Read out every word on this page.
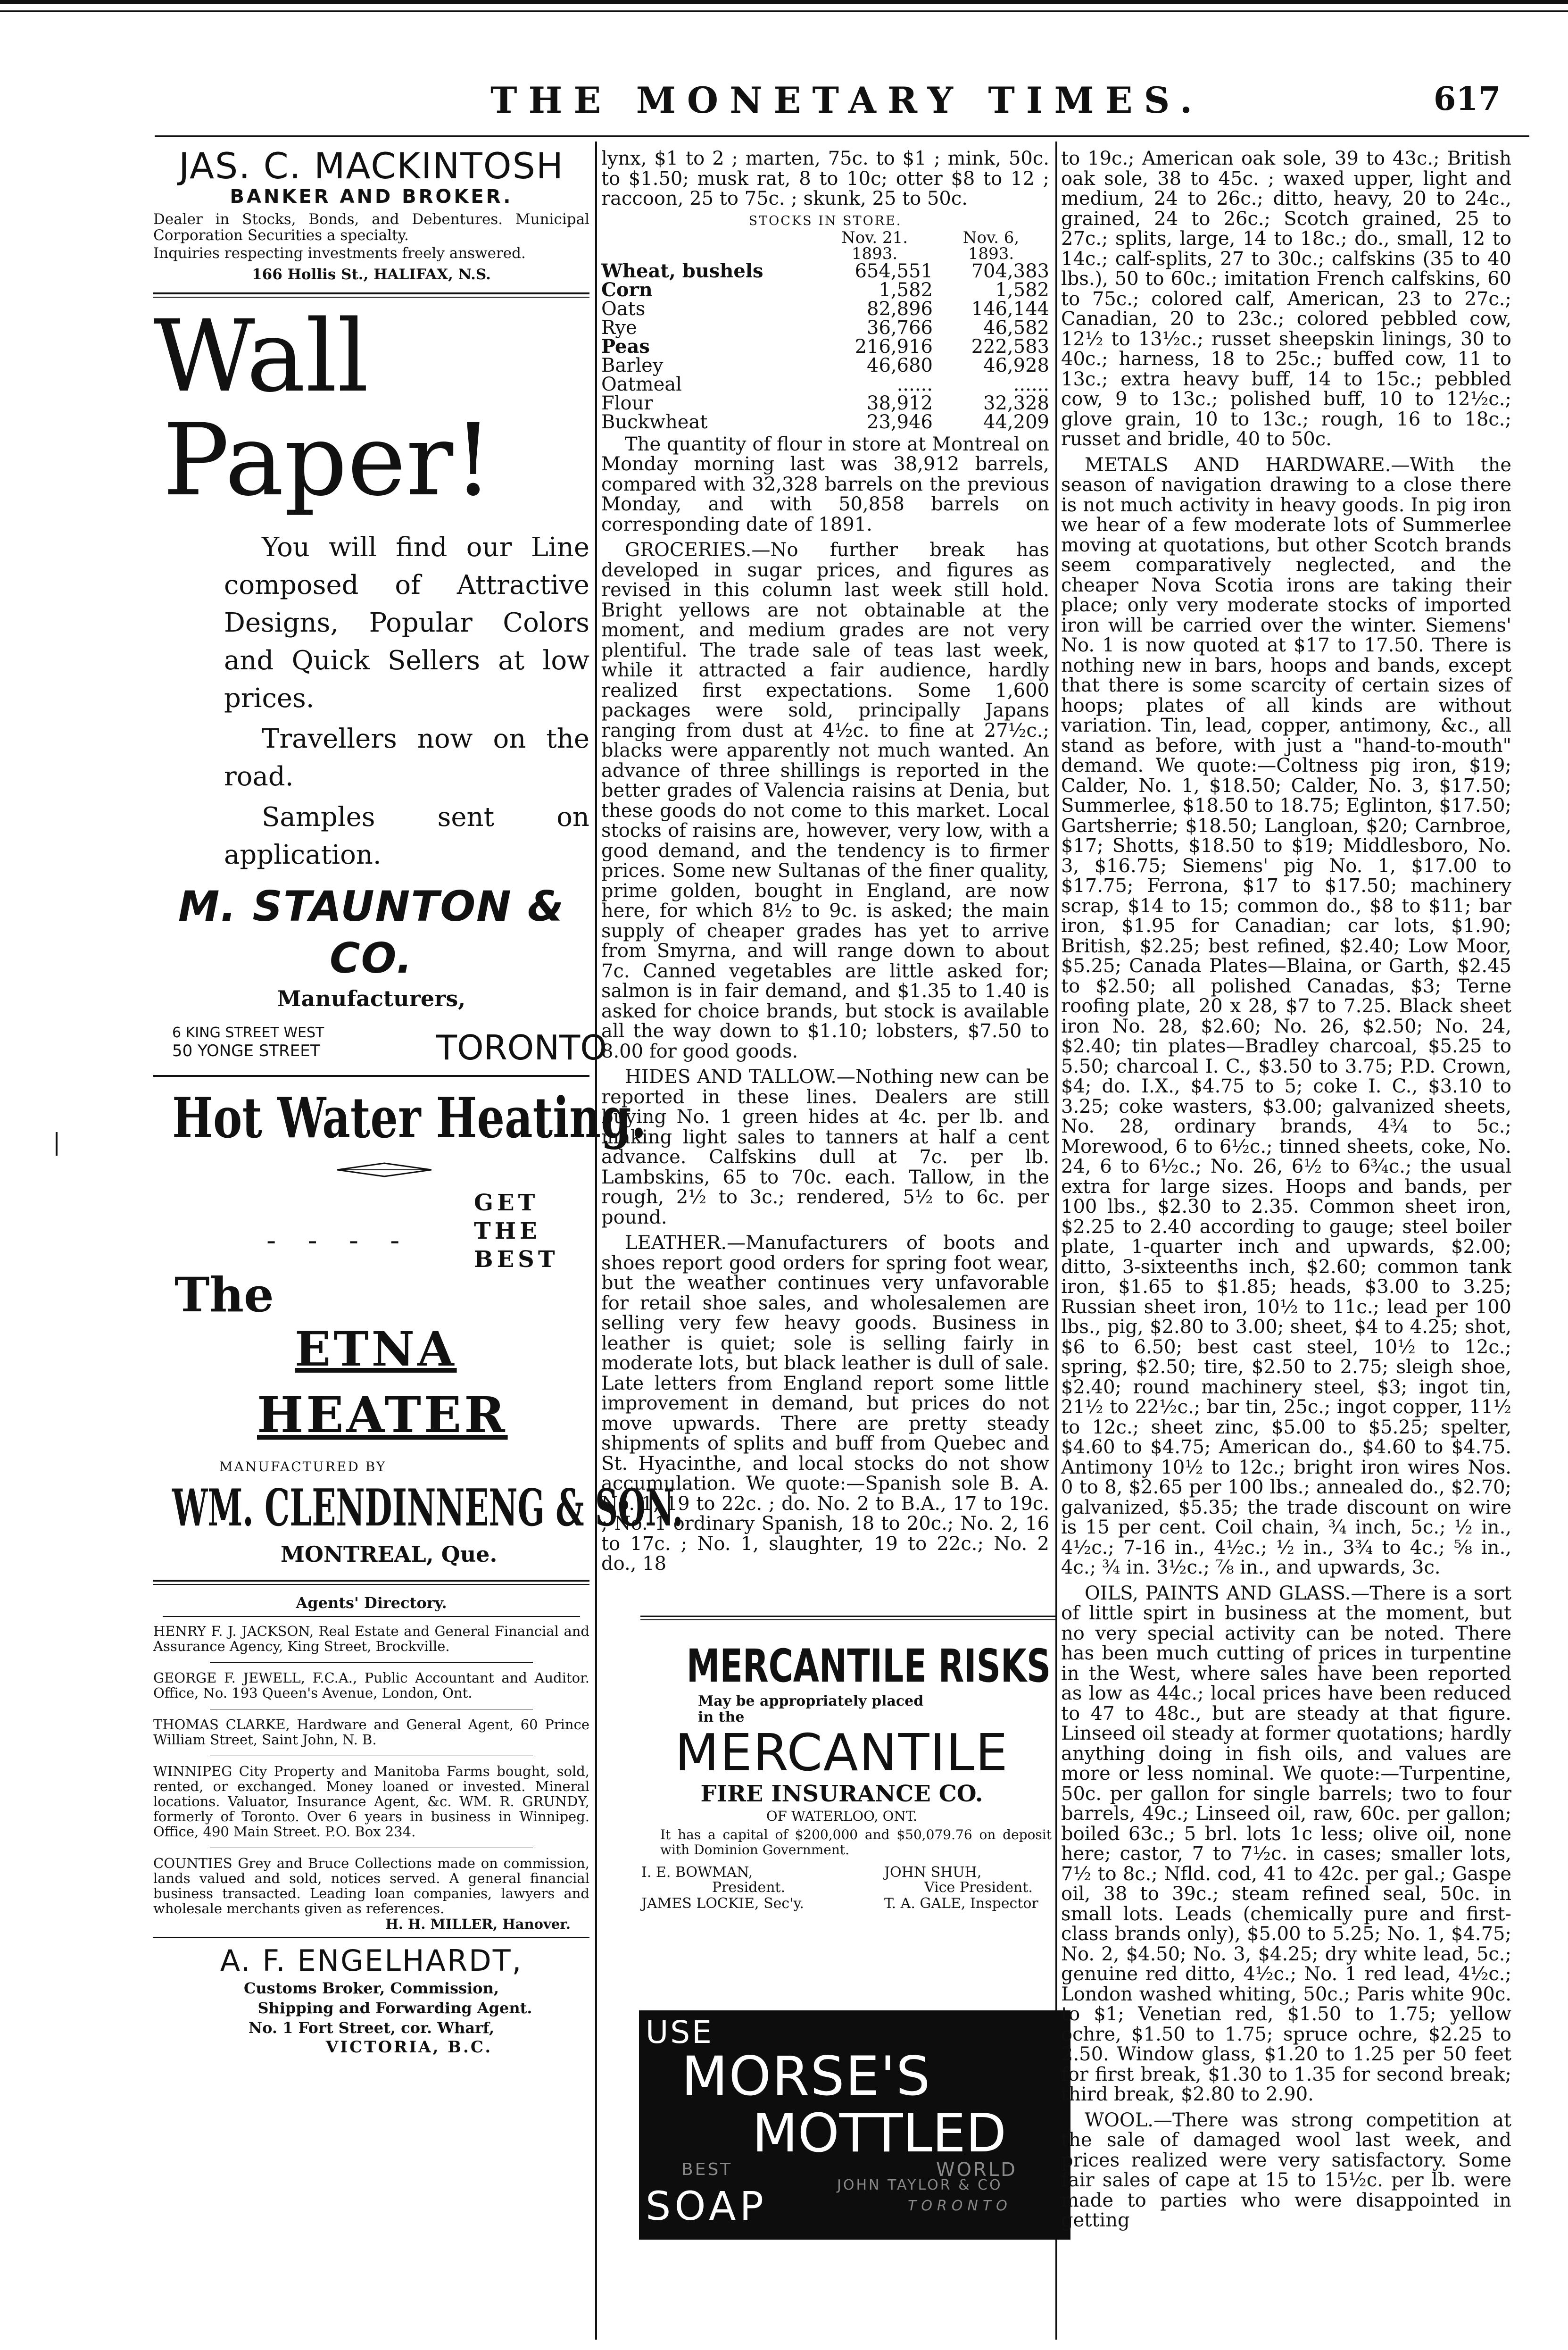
THE MONETARY TIMES.	617
JAS. C. MACKINTOSH
BANKER AND BROKER.
Dealer in Stocks, Bonds, and Debentures. Municipal Corporation Securities a specialty.
Inquiries respecting investments freely answered.
166 Hollis St., HALIFAX, N.S.
Wall
Paper!
You will find our Line composed of Attractive Designs, Popular Colors and Quick Sellers at low prices.
Travellers now on the road.
Samples sent on application.
M. STAUNTON & CO.
Manufacturers,
6 KING STREET WEST
50 YONGE STREET	TORONTO
Hot Water Heating.
GET
- - - -	THE
BEST
The
ETNA
HEATER
MANUFACTURED BY
WM. CLENDINNENG & SON.
MONTREAL, Que.
Agents' Directory.
HENRY F. J. JACKSON, Real Estate and General Financial and Assurance Agency, King Street, Brockville.
GEORGE F. JEWELL, F.C.A., Public Accountant and Auditor. Office, No. 193 Queen's Avenue, London, Ont.
THOMAS CLARKE, Hardware and General Agent, 60 Prince William Street, Saint John, N. B.
WINNIPEG City Property and Manitoba Farms bought, sold, rented, or exchanged. Money loaned or invested. Mineral locations. Valuator, Insurance Agent, &c. WM. R. GRUNDY, formerly of Toronto. Over 6 years in business in Winnipeg. Office, 490 Main Street. P.O. Box 234.
COUNTIES Grey and Bruce Collections made on commission, lands valued and sold, notices served. A general financial business transacted. Leading loan companies, lawyers and wholesale merchants given as references.
H. H. MILLER, Hanover.
A. F. ENGELHARDT,
Customs Broker, Commission,
Shipping and Forwarding Agent.
No. 1 Fort Street, cor. Wharf,
VICTORIA, B.C.

lynx, $1 to 2 ; marten, 75c. to $1 ; mink, 50c. to $1.50; musk rat, 8 to 10c; otter $8 to 12 ; raccoon, 25 to 75c. ; skunk, 25 to 50c.

STOCKS IN STORE.
	Nov. 21.
1893.	Nov. 6,
1893.
Wheat, bushels	654,551	704,383
Corn	1,582	1,582
Oats	82,896	146,144
Rye	36,766	46,582
Peas	216,916	222,583
Barley	46,680	46,928
Oatmeal	......	......
Flour	38,912	32,328
Buckwheat	23,946	44,209

The quantity of flour in store at Montreal on Monday morning last was 38,912 barrels, compared with 32,328 barrels on the previous Monday, and with 50,858 barrels on corresponding date of 1891.

GROCERIES.—No further break has developed in sugar prices, and figures as revised in this column last week still hold. Bright yellows are not obtainable at the moment, and medium grades are not very plentiful. The trade sale of teas last week, while it attracted a fair audience, hardly realized first expectations. Some 1,600 packages were sold, principally Japans ranging from dust at 4½c. to fine at 27½c.; blacks were apparently not much wanted. An advance of three shillings is reported in the better grades of Valencia raisins at Denia, but these goods do not come to this market. Local stocks of raisins are, however, very low, with a good demand, and the tendency is to firmer prices. Some new Sultanas of the finer quality, prime golden, bought in England, are now here, for which 8½ to 9c. is asked; the main supply of cheaper grades has yet to arrive from Smyrna, and will range down to about 7c. Canned vegetables are little asked for; salmon is in fair demand, and $1.35 to 1.40 is asked for choice brands, but stock is available all the way down to $1.10; lobsters, $7.50 to 8.00 for good goods.

HIDES AND TALLOW.—Nothing new can be reported in these lines. Dealers are still buying No. 1 green hides at 4c. per lb. and making light sales to tanners at half a cent advance. Calfskins dull at 7c. per lb. Lambskins, 65 to 70c. each. Tallow, in the rough, 2½ to 3c.; rendered, 5½ to 6c. per pound.

LEATHER.—Manufacturers of boots and shoes report good orders for spring foot wear, but the weather continues very unfavorable for retail shoe sales, and wholesalemen are selling very few heavy goods. Business in leather is quiet; sole is selling fairly in moderate lots, but black leather is dull of sale. Late letters from England report some little improvement in demand, but prices do not move upwards. There are pretty steady shipments of splits and buff from Quebec and St. Hyacinthe, and local stocks do not show accumulation. We quote:—Spanish sole B. A. No. 1, 19 to 22c. ; do. No. 2 to B.A., 17 to 19c. ; No. 1 ordinary Spanish, 18 to 20c.; No. 2, 16 to 17c. ; No. 1, slaughter, 19 to 22c.; No. 2 do., 18

MERCANTILE RISKS
May be appropriately placed in the
MERCANTILE
FIRE INSURANCE CO.
OF WATERLOO, ONT.
It has a capital of $200,000 and $50,079.76 on deposit with Dominion Government.
I. E. BOWMAN,
President.
JAMES LOCKIE, Sec'y.
JOHN SHUH,
Vice President.
T. A. GALE, Inspector
USE
MORSE'S
MOTTLED
BEST	WORLD
SOAP	JOHN TAYLOR & CO
TORONTO

to 19c.; American oak sole, 39 to 43c.; British oak sole, 38 to 45c. ; waxed upper, light and medium, 24 to 26c.; ditto, heavy, 20 to 24c., grained, 24 to 26c.; Scotch grained, 25 to 27c.; splits, large, 14 to 18c.; do., small, 12 to 14c.; calf-splits, 27 to 30c.; calfskins (35 to 40 lbs.), 50 to 60c.; imitation French calfskins, 60 to 75c.; colored calf, American, 23 to 27c.; Canadian, 20 to 23c.; colored pebbled cow, 12½ to 13½c.; russet sheepskin linings, 30 to 40c.; harness, 18 to 25c.; buffed cow, 11 to 13c.; extra heavy buff, 14 to 15c.; pebbled cow, 9 to 13c.; polished buff, 10 to 12½c.; glove grain, 10 to 13c.; rough, 16 to 18c.; russet and bridle, 40 to 50c.

METALS AND HARDWARE.—With the season of navigation drawing to a close there is not much activity in heavy goods. In pig iron we hear of a few moderate lots of Summerlee moving at quotations, but other Scotch brands seem comparatively neglected, and the cheaper Nova Scotia irons are taking their place; only very moderate stocks of imported iron will be carried over the winter. Siemens' No. 1 is now quoted at $17 to 17.50. There is nothing new in bars, hoops and bands, except that there is some scarcity of certain sizes of hoops; plates of all kinds are without variation. Tin, lead, copper, antimony, &c., all stand as before, with just a "hand-to-mouth" demand. We quote:—Coltness pig iron, $19; Calder, No. 1, $18.50; Calder, No. 3, $17.50; Summerlee, $18.50 to 18.75; Eglinton, $17.50; Gartsherrie; $18.50; Langloan, $20; Carnbroe, $17; Shotts, $18.50 to $19; Middlesboro, No. 3, $16.75; Siemens' pig No. 1, $17.00 to $17.75; Ferrona, $17 to $17.50; machinery scrap, $14 to 15; common do., $8 to $11; bar iron, $1.95 for Canadian; car lots, $1.90; British, $2.25; best refined, $2.40; Low Moor, $5.25; Canada Plates—Blaina, or Garth, $2.45 to $2.50; all polished Canadas, $3; Terne roofing plate, 20 x 28, $7 to 7.25. Black sheet iron No. 28, $2.60; No. 26, $2.50; No. 24, $2.40; tin plates—Bradley charcoal, $5.25 to 5.50; charcoal I. C., $3.50 to 3.75; P.D. Crown, $4; do. I.X., $4.75 to 5; coke I. C., $3.10 to 3.25; coke wasters, $3.00; galvanized sheets, No. 28, ordinary brands, 4¾ to 5c.; Morewood, 6 to 6½c.; tinned sheets, coke, No. 24, 6 to 6½c.; No. 26, 6½ to 6¾c.; the usual extra for large sizes. Hoops and bands, per 100 lbs., $2.30 to 2.35. Common sheet iron, $2.25 to 2.40 according to gauge; steel boiler plate, 1-quarter inch and upwards, $2.00; ditto, 3-sixteenths inch, $2.60; common tank iron, $1.65 to $1.85; heads, $3.00 to 3.25; Russian sheet iron, 10½ to 11c.; lead per 100 lbs., pig, $2.80 to 3.00; sheet, $4 to 4.25; shot, $6 to 6.50; best cast steel, 10½ to 12c.; spring, $2.50; tire, $2.50 to 2.75; sleigh shoe, $2.40; round machinery steel, $3; ingot tin, 21½ to 22½c.; bar tin, 25c.; ingot copper, 11½ to 12c.; sheet zinc, $5.00 to $5.25; spelter, $4.60 to $4.75; American do., $4.60 to $4.75. Antimony 10½ to 12c.; bright iron wires Nos. 0 to 8, $2.65 per 100 lbs.; annealed do., $2.70; galvanized, $5.35; the trade discount on wire is 15 per cent. Coil chain, ¾ inch, 5c.; ½ in., 4½c.; 7-16 in., 4½c.; ½ in., 3¾ to 4c.; ⅝ in., 4c.; ¾ in. 3½c.; ⅞ in., and upwards, 3c.

OILS, PAINTS AND GLASS.—There is a sort of little spirt in business at the moment, but no very special activity can be noted. There has been much cutting of prices in turpentine in the West, where sales have been reported as low as 44c.; local prices have been reduced to 47 to 48c., but are steady at that figure. Linseed oil steady at former quotations; hardly anything doing in fish oils, and values are more or less nominal. We quote:—Turpentine, 50c. per gallon for single barrels; two to four barrels, 49c.; Linseed oil, raw, 60c. per gallon; boiled 63c.; 5 brl. lots 1c less; olive oil, none here; castor, 7 to 7½c. in cases; smaller lots, 7½ to 8c.; Nfld. cod, 41 to 42c. per gal.; Gaspe oil, 38 to 39c.; steam refined seal, 50c. in small lots. Leads (chemically pure and first-class brands only), $5.00 to 5.25; No. 1, $4.75; No. 2, $4.50; No. 3, $4.25; dry white lead, 5c.; genuine red ditto, 4½c.; No. 1 red lead, 4½c.; London washed whiting, 50c.; Paris white 90c. to $1; Venetian red, $1.50 to 1.75; yellow ochre, $1.50 to 1.75; spruce ochre, $2.25 to 2.50. Window glass, $1.20 to 1.25 per 50 feet for first break, $1.30 to 1.35 for second break; third break, $2.80 to 2.90.

WOOL.—There was strong competition at the sale of damaged wool last week, and prices realized were very satisfactory. Some fair sales of cape at 15 to 15½c. per lb. were made to parties who were disappointed in getting
